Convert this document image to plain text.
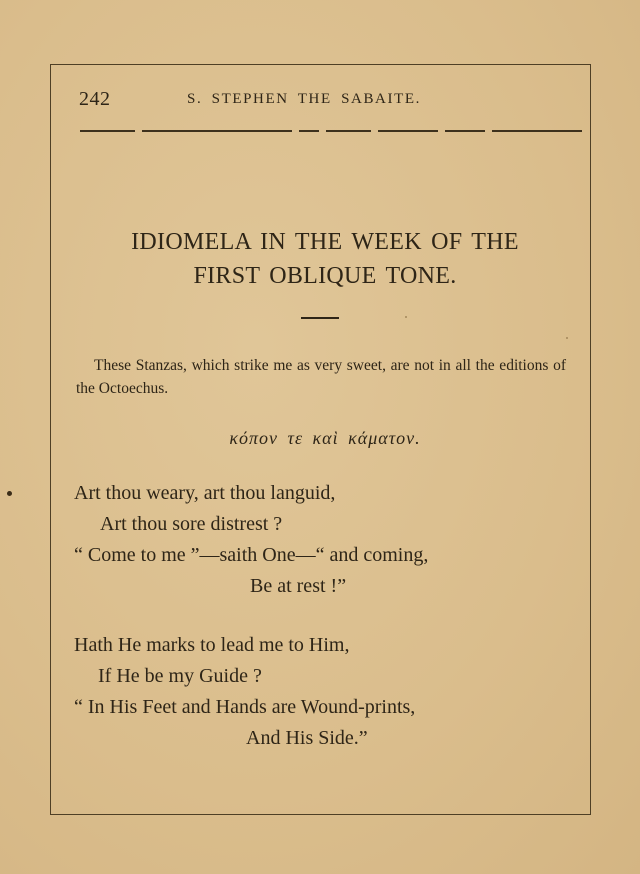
242	S. STEPHEN THE SABAITE.
IDIOMELA IN THE WEEK OF THE
FIRST OBLIQUE TONE.
These Stanzas, which strike me as very sweet, are not in all the editions of the Octoechus.
κόπον τε καὶ κάματον.
Art thou weary, art thou languid,
Art thou sore distrest ?
“ Come to me ”—saith One—“ and coming,
Be at rest !”
Hath He marks to lead me to Him,
If He be my Guide ?
“ In His Feet and Hands are Wound-prints,
And His Side.”
